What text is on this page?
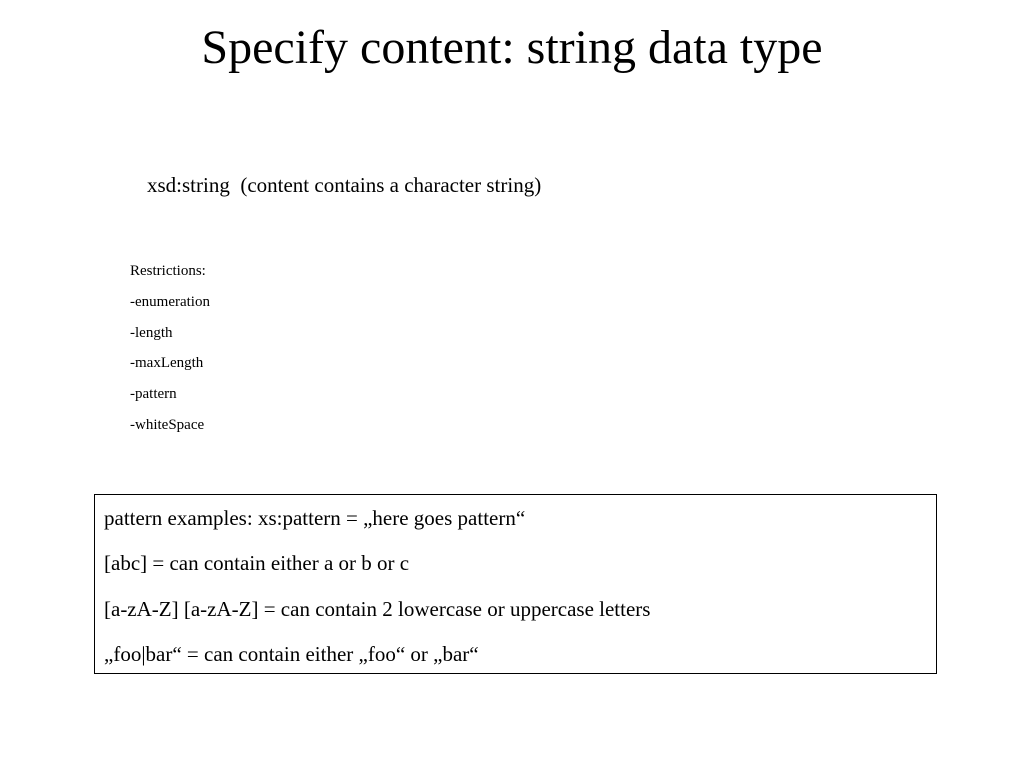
Specify content: string data type
xsd:string  (content contains a character string)
Restrictions:
-enumeration
-length
-maxLength
-pattern
-whiteSpace
pattern examples: xs:pattern = „here goes pattern“
[abc] = can contain either a or b or c
[a-zA-Z] [a-zA-Z] = can contain 2 lowercase or uppercase letters
„foo|bar“ = can contain either „foo“ or „bar“
